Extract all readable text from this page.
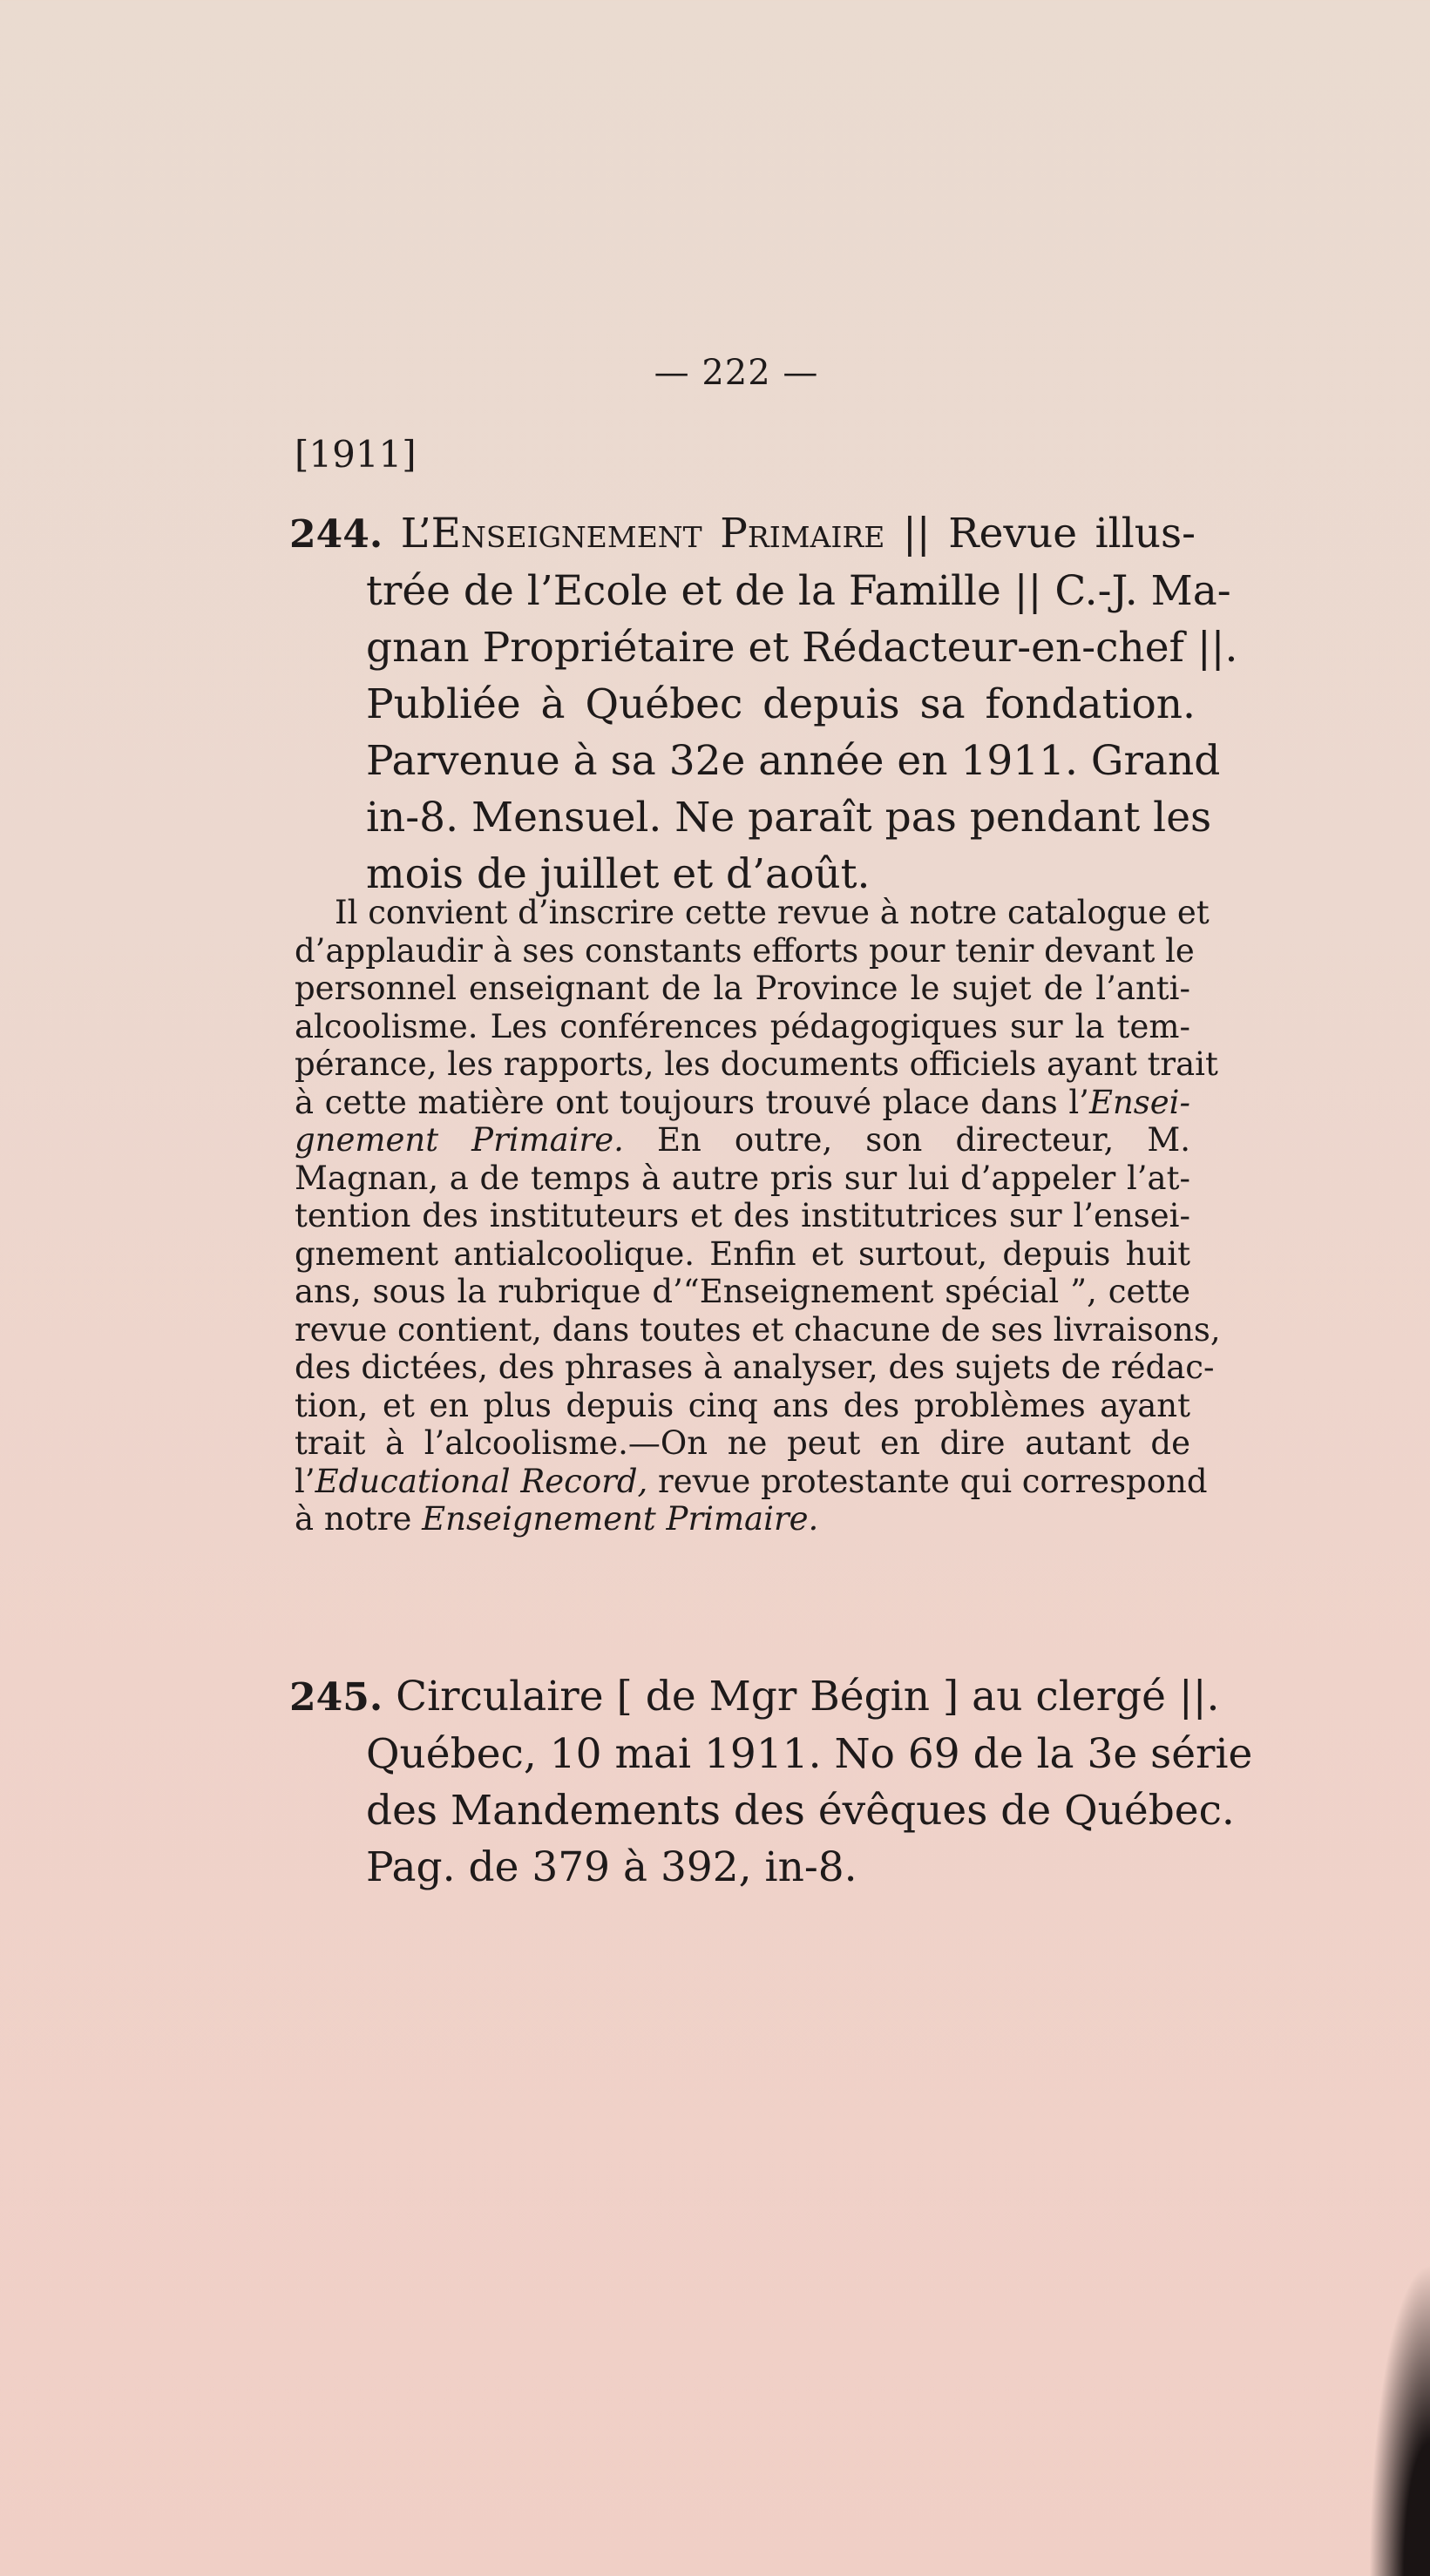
— 222 —
[1911]
244. L’Enseignement Primaire || Revue illus-
trée de l’Ecole et de la Famille || C.-J. Ma-
gnan Propriétaire et Rédacteur-en-chef ||.
Publiée à Québec depuis sa fondation.
Parvenue à sa 32e année en 1911. Grand
in-8. Mensuel. Ne paraît pas pendant les
mois de juillet et d’août.
Il convient d’inscrire cette revue à notre catalogue et
d’applaudir à ses constants efforts pour tenir devant le
personnel enseignant de la Province le sujet de l’anti-
alcoolisme. Les conférences pédagogiques sur la tem-
pérance, les rapports, les documents officiels ayant trait
à cette matière ont toujours trouvé place dans l’Ensei-
gnement Primaire. En outre, son directeur, M.
Magnan, a de temps à autre pris sur lui d’appeler l’at-
tention des instituteurs et des institutrices sur l’ensei-
gnement antialcoolique. Enfin et surtout, depuis huit
ans, sous la rubrique d’“Enseignement spécial ”, cette
revue contient, dans toutes et chacune de ses livraisons,
des dictées, des phrases à analyser, des sujets de rédac-
tion, et en plus depuis cinq ans des problèmes ayant
trait à l’alcoolisme.—On ne peut en dire autant de
l’Educational Record, revue protestante qui correspond
à notre Enseignement Primaire.
245. Circulaire [ de Mgr Bégin ] au clergé ||.
Québec, 10 mai 1911. No 69 de la 3e série
des Mandements des évêques de Québec.
Pag. de 379 à 392, in-8.
